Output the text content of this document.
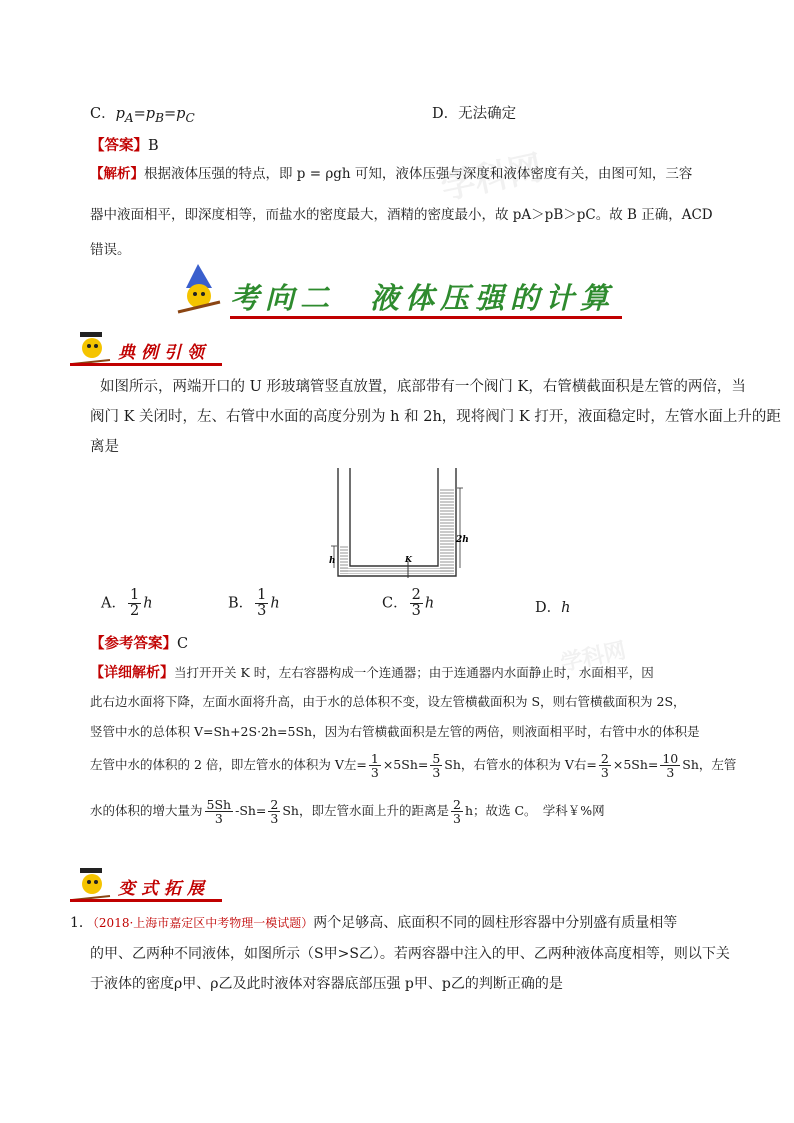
学科网
学科网
C．$p_A=p_B=p_C$	D．无法确定
【答案】B
【解析】根据液体压强的特点，即 p = ρgh 可知，液体压强与深度和液体密度有关，由图可知，三容
器中液面相平，即深度相等，而盐水的密度最大，酒精的密度最小，故 pA＞pB＞pC。故 B 正确，ACD
错误。
考向二　液体压强的计算
典例引领
如图所示，两端开口的 U 形玻璃管竖直放置，底部带有一个阀门 K，右管横截面积是左管的两倍，当
阀门 K 关闭时，左、右管中水面的高度分别为 h 和 2h，现将阀门 K 打开，液面稳定时，左管水面上升的距
离是
h	K
2h
A． $\frac{1}{2}$ h	B． $\frac{1}{3}$ h	C． $\frac{2}{3}$ h	D．h
【参考答案】C
【详细解析】当打开开关 K 时，左右容器构成一个连通器；由于连通器内水面静止时，水面相平，因
此右边水面将下降，左面水面将升高，由于水的总体积不变，设左管横截面积为 S，则右管横截面积为 2S，
竖管中水的总体积 V=Sh+2S·2h=5Sh，因为右管横截面积是左管的两倍，则液面相平时，右管中水的体积是
左管中水的体积的 2 倍，即左管水的体积为 V左= $\frac{1}{3} \times 5Sh= \frac{5}{3}$ Sh，右管水的体积为 V右= $\frac{2}{3} \times 5Sh= \frac{10}{3}$ Sh，左管
水的体积的增大量为 $\frac{5Sh}{3} -Sh= \frac{2}{3}$ Sh，即左管水面上升的距离是 $\frac{2}{3}$ h；故选 C。　学科￥%网
变式拓展
1．（2018·上海市嘉定区中考物理一模试题）两个足够高、底面积不同的圆柱形容器中分别盛有质量相等
的甲、乙两种不同液体，如图所示（S甲>S乙）。若两容器中注入的甲、乙两种液体高度相等，则以下关
于液体的密度ρ甲、ρ乙及此时液体对容器底部压强 p甲、p乙的判断正确的是
